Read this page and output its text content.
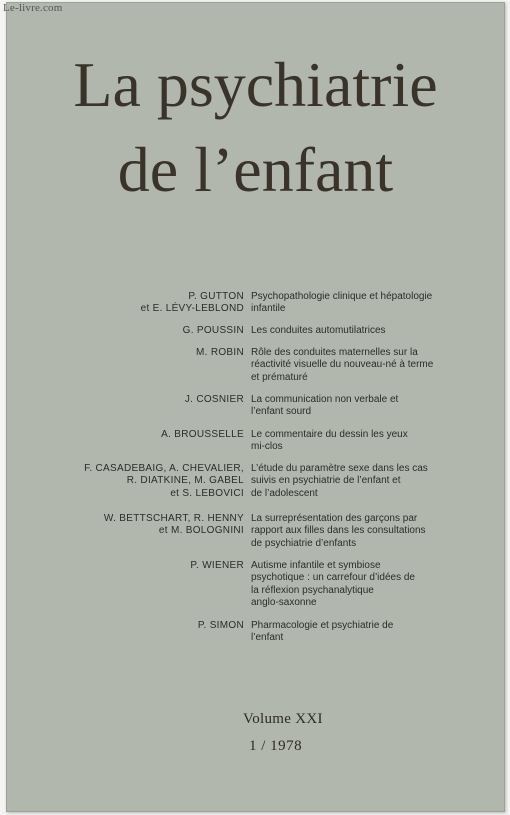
Le-livre.com
La psychiatrie
de l’enfant
P. GUTTON
et E. LÉVY-LEBLOND
Psychopathologie clinique et hépatologie
infantile
G. POUSSIN Les conduites automutilatrices
M. ROBIN Rôle des conduites maternelles sur la
réactivité visuelle du nouveau-né à terme
et prématuré
J. COSNIER La communication non verbale et
l’enfant sourd
A. BROUSSELLE Le commentaire du dessin les yeux
mi-clos
F. CASADEBAIG, A. CHEVALIER,
R. DIATKINE, M. GABEL
et S. LEBOVICI
L’étude du paramètre sexe dans les cas
suivis en psychiatrie de l’enfant et
de l’adolescent
W. BETTSCHART, R. HENNY
et M. BOLOGNINI
La surreprésentation des garçons par
rapport aux filles dans les consultations
de psychiatrie d’enfants
P. WIENER Autisme infantile et symbiose
psychotique : un carrefour d’idées de
la réflexion psychanalytique
anglo-saxonne
P. SIMON Pharmacologie et psychiatrie de
l’enfant
Volume XXI
1 / 1978
